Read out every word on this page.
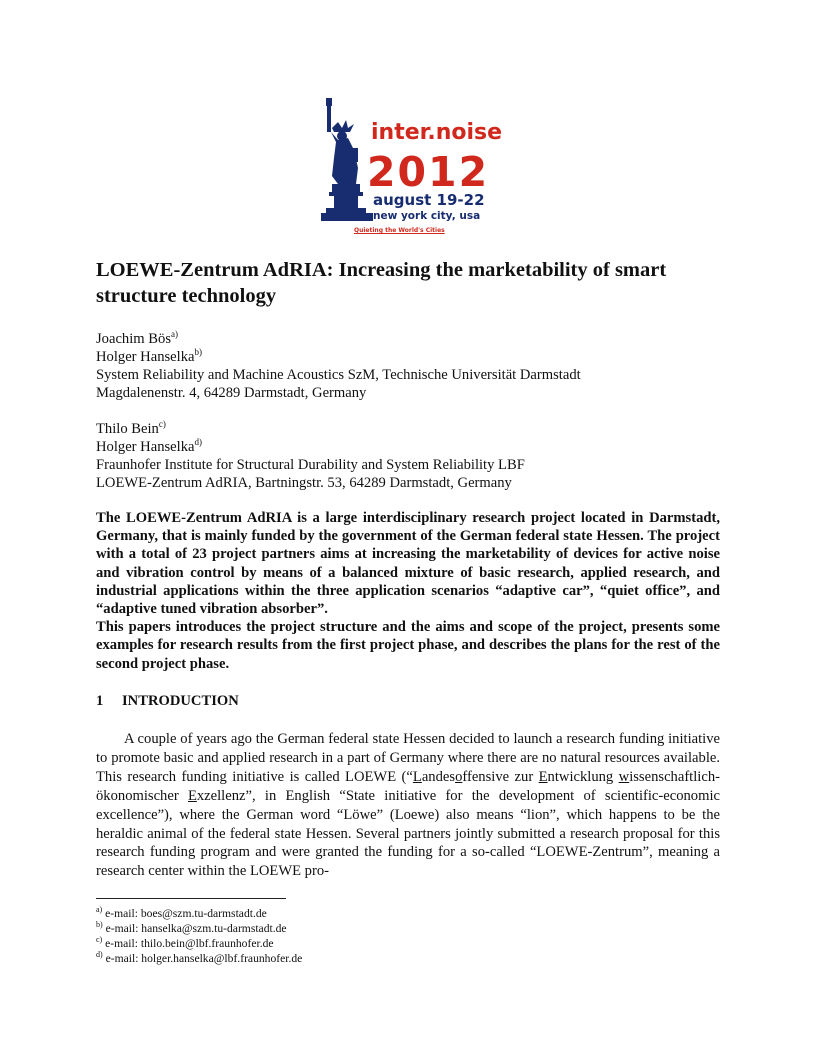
inter.noise
2012
august 19-22
new york city, usa
Quieting the World's Cities
LOEWE-Zentrum AdRIA: Increasing the marketability of smart structure technology
Joachim Bös$^{a)}$
Holger Hanselka$^{b)}$
System Reliability and Machine Acoustics SzM, Technische Universität Darmstadt
Magdalenenstr. 4, 64289 Darmstadt, Germany
Thilo Bein$^{c)}$
Holger Hanselka$^{d)}$
Fraunhofer Institute for Structural Durability and System Reliability LBF
LOEWE-Zentrum AdRIA, Bartningstr. 53, 64289 Darmstadt, Germany

The LOEWE-Zentrum AdRIA is a large interdisciplinary research project located in Darmstadt, Germany, that is mainly funded by the government of the German federal state Hessen. The project with a total of 23 project partners aims at increasing the marketability of devices for active noise and vibration control by means of a balanced mixture of basic research, applied research, and industrial applications within the three application scenarios “adaptive car”, “quiet office”, and “adaptive tuned vibration absorber”.

This papers introduces the project structure and the aims and scope of the project, presents some examples for research results from the first project phase, and describes the plans for the rest of the second project phase.

1 INTRODUCTION

A couple of years ago the German federal state Hessen decided to launch a research funding initiative to promote basic and applied research in a part of Germany where there are no natural resources available. This research funding initiative is called LOEWE (“Landesoffensive zur Entwicklung wissenschaftlich-ökonomischer Exzellenz”, in English “State initiative for the development of scientific-economic excellence”), where the German word “Löwe” (Loewe) also means “lion”, which happens to be the heraldic animal of the federal state Hessen. Several partners jointly submitted a research proposal for this research funding program and were granted the funding for a so-called “LOEWE-Zentrum”, meaning a research center within the LOEWE pro-

$^{a)}$ e-mail: boes@szm.tu-darmstadt.de
$^{b)}$ e-mail: hanselka@szm.tu-darmstadt.de
$^{c)}$ e-mail: thilo.bein@lbf.fraunhofer.de
$^{d)}$ e-mail: holger.hanselka@lbf.fraunhofer.de
